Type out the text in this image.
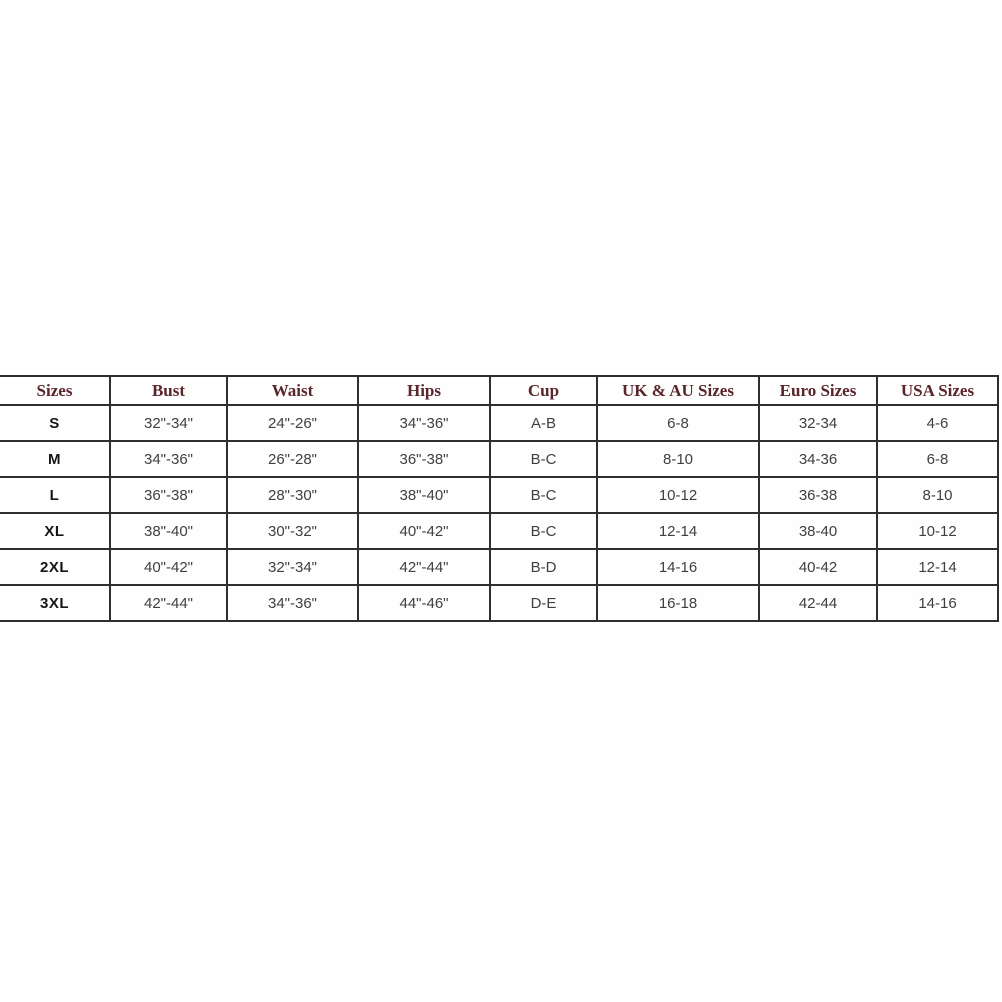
Sizes	Bust	Waist	Hips	Cup	UK & AU Sizes	Euro Sizes	USA Sizes
S	32"-34"	24"-26"	34"-36"	A-B	6-8	32-34	4-6
M	34"-36"	26"-28"	36"-38"	B-C	8-10	34-36	6-8
L	36"-38"	28"-30"	38"-40"	B-C	10-12	36-38	8-10
XL	38"-40"	30"-32"	40"-42"	B-C	12-14	38-40	10-12
2XL	40"-42"	32"-34"	42"-44"	B-D	14-16	40-42	12-14
3XL	42"-44"	34"-36"	44"-46"	D-E	16-18	42-44	14-16
